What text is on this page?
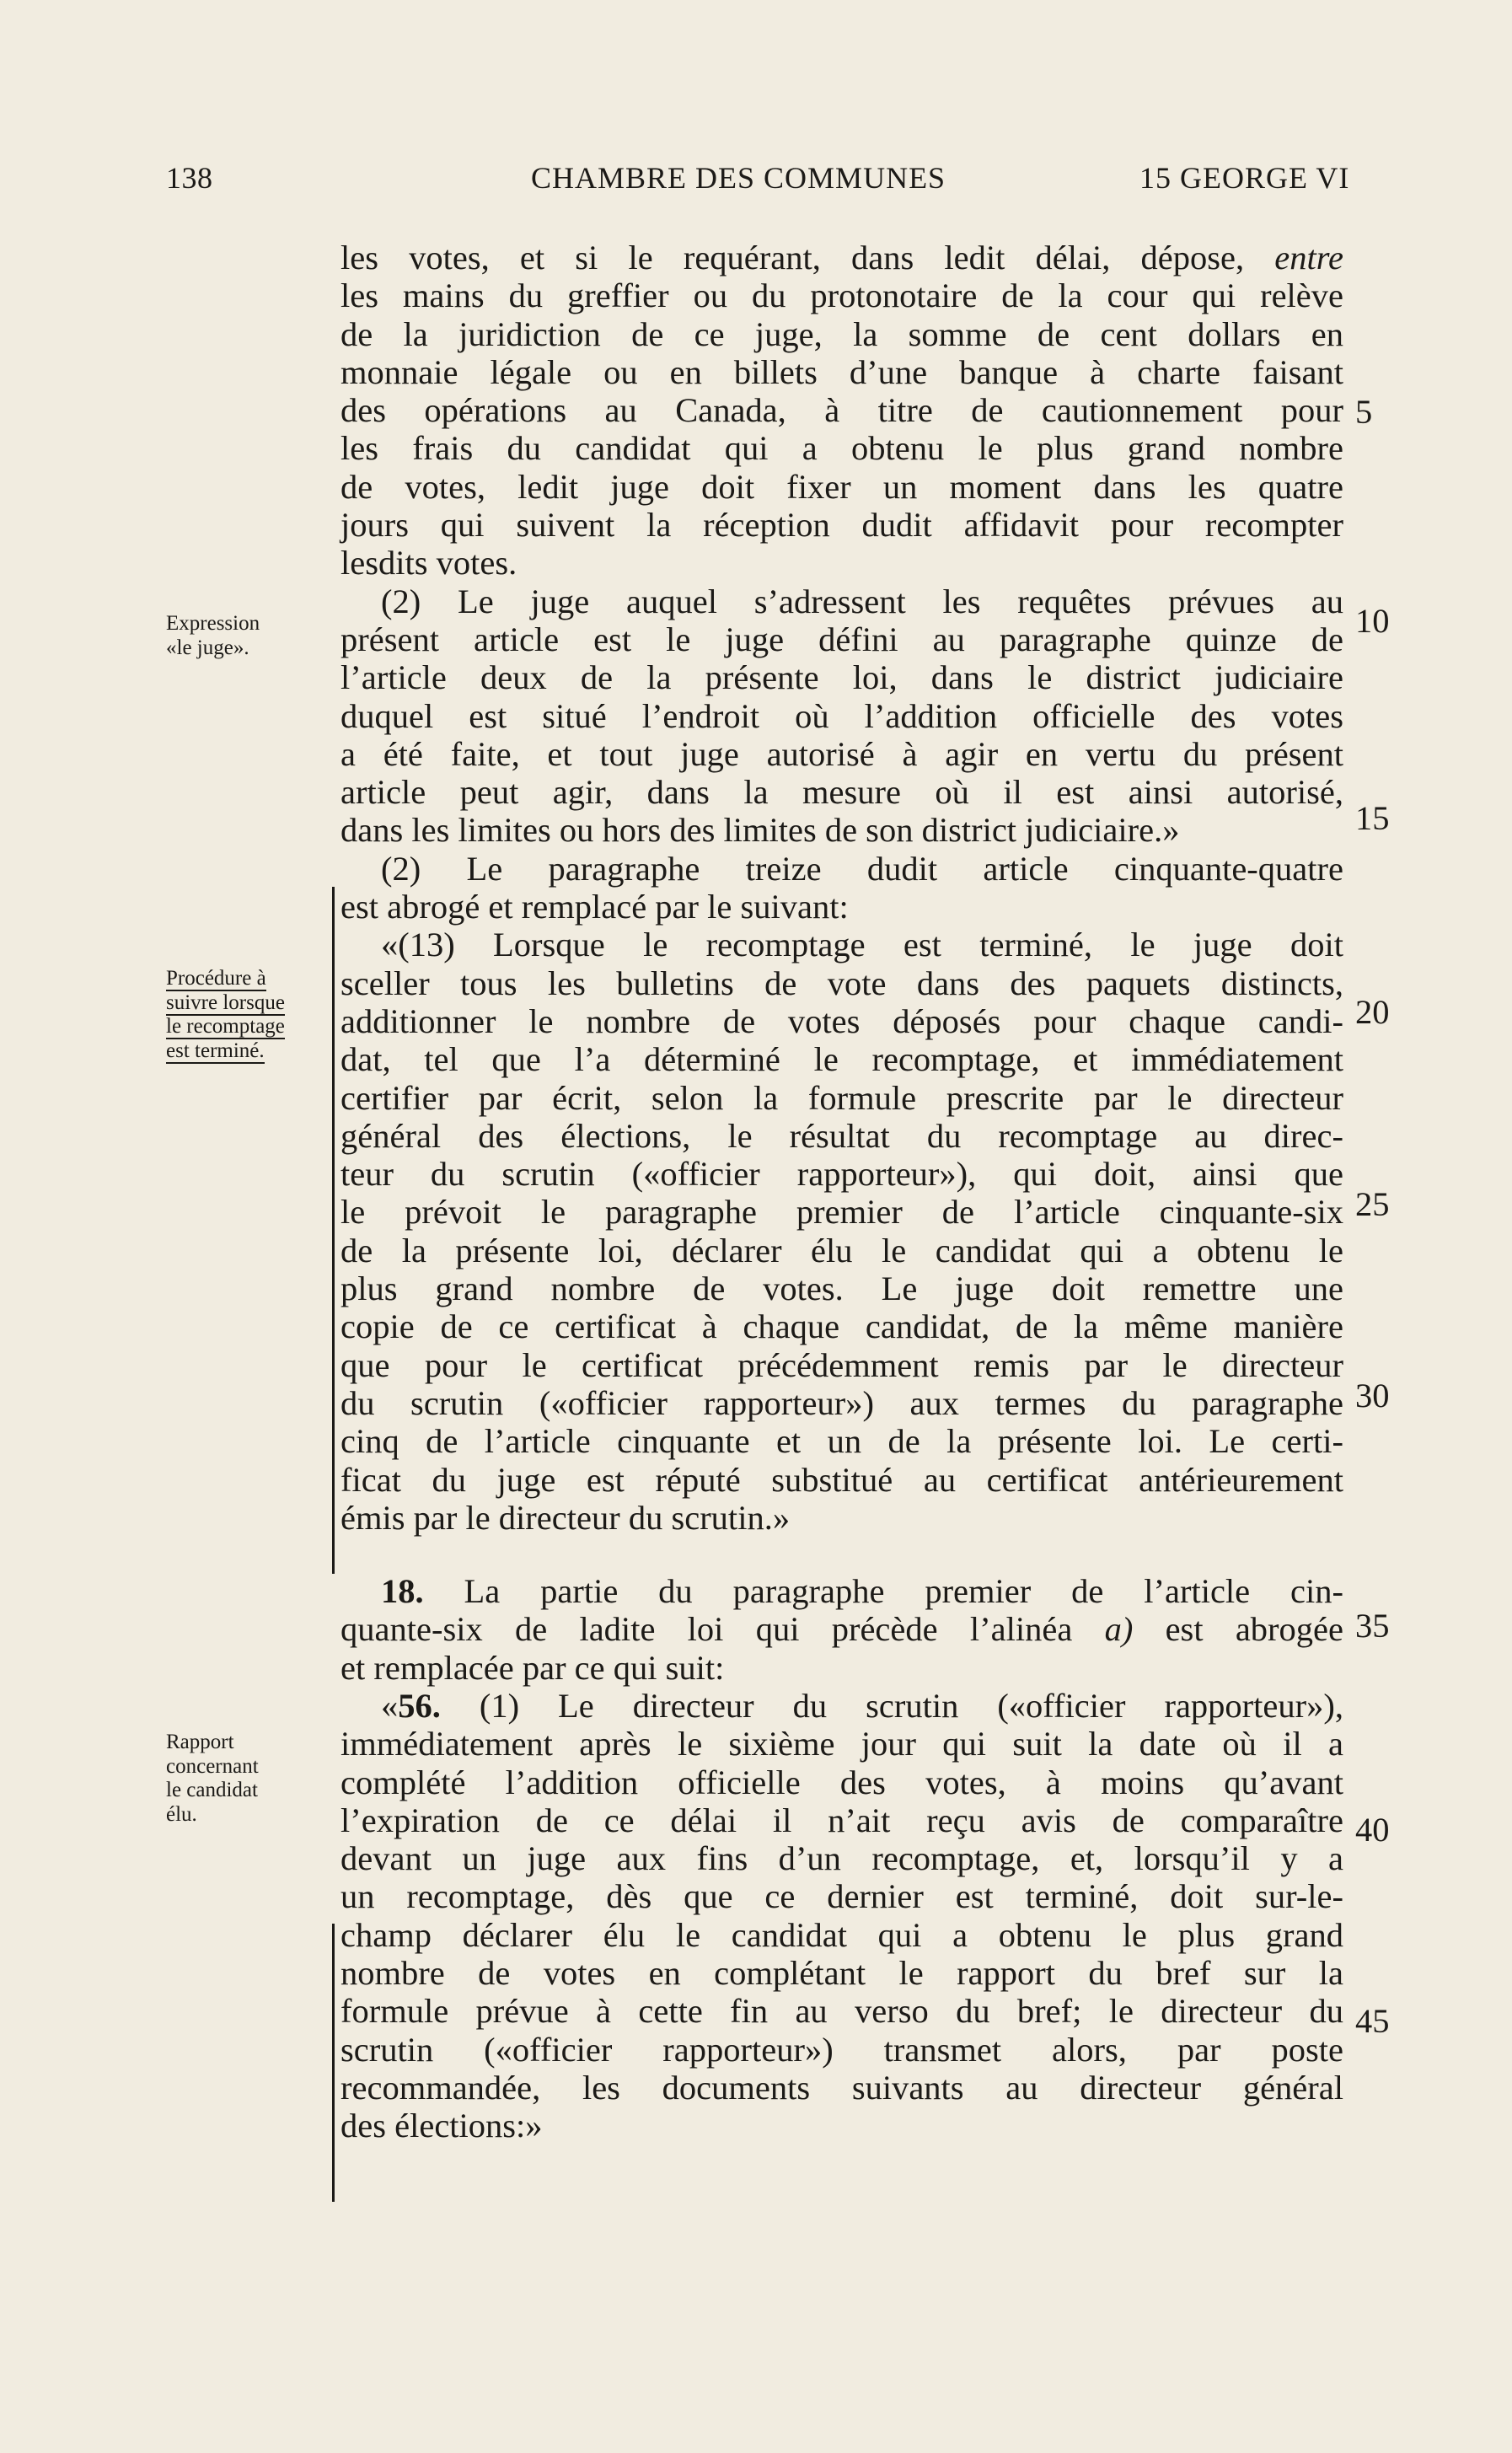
138	CHAMBRE DES COMMUNES	15 GEORGE VI
Expression
«le juge».
Procédure à
suivre lorsque
le recomptage
est terminé.
Rapport
concernant
le candidat
élu.
5
10
15
20
25
30
35
40
45
les votes, et si le requérant, dans ledit délai, dépose, entre
les mains du greffier ou du protonotaire de la cour qui relève
de la juridiction de ce juge, la somme de cent dollars en
monnaie légale ou en billets d’une banque à charte faisant
des opérations au Canada, à titre de cautionnement pour
les frais du candidat qui a obtenu le plus grand nombre
de votes, ledit juge doit fixer un moment dans les quatre
jours qui suivent la réception dudit affidavit pour recompter
lesdits votes.
(2) Le juge auquel s’adressent les requêtes prévues au
présent article est le juge défini au paragraphe quinze de
l’article deux de la présente loi, dans le district judiciaire
duquel est situé l’endroit où l’addition officielle des votes
a été faite, et tout juge autorisé à agir en vertu du présent
article peut agir, dans la mesure où il est ainsi autorisé,
dans les limites ou hors des limites de son district judiciaire.»
(2) Le paragraphe treize dudit article cinquante-quatre
est abrogé et remplacé par le suivant:
«(13) Lorsque le recomptage est terminé, le juge doit
sceller tous les bulletins de vote dans des paquets distincts,
additionner le nombre de votes déposés pour chaque candi-
dat, tel que l’a déterminé le recomptage, et immédiatement
certifier par écrit, selon la formule prescrite par le directeur
général des élections, le résultat du recomptage au direc-
teur du scrutin («officier rapporteur»), qui doit, ainsi que
le prévoit le paragraphe premier de l’article cinquante-six
de la présente loi, déclarer élu le candidat qui a obtenu le
plus grand nombre de votes. Le juge doit remettre une
copie de ce certificat à chaque candidat, de la même manière
que pour le certificat précédemment remis par le directeur
du scrutin («officier rapporteur») aux termes du paragraphe
cinq de l’article cinquante et un de la présente loi. Le certi-
ficat du juge est réputé substitué au certificat antérieurement
émis par le directeur du scrutin.»
18. La partie du paragraphe premier de l’article cin-
quante-six de ladite loi qui précède l’alinéa a) est abrogée
et remplacée par ce qui suit:
«56. (1) Le directeur du scrutin («officier rapporteur»),
immédiatement après le sixième jour qui suit la date où il a
complété l’addition officielle des votes, à moins qu’avant
l’expiration de ce délai il n’ait reçu avis de comparaître
devant un juge aux fins d’un recomptage, et, lorsqu’il y a
un recomptage, dès que ce dernier est terminé, doit sur-le-
champ déclarer élu le candidat qui a obtenu le plus grand
nombre de votes en complétant le rapport du bref sur la
formule prévue à cette fin au verso du bref; le directeur du
scrutin («officier rapporteur») transmet alors, par poste
recommandée, les documents suivants au directeur général
des élections:»
